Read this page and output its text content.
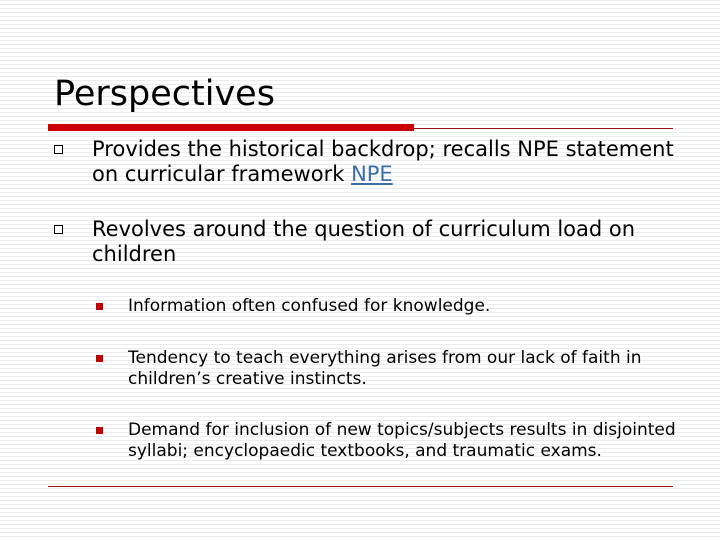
Perspectives
Provides the historical backdrop; recalls NPE statement on curricular framework NPE
Revolves around the question of curriculum load on children
Information often confused for knowledge.
Tendency to teach everything arises from our lack of faith in children’s creative instincts.
Demand for inclusion of new topics/subjects results in disjointed syllabi; encyclopaedic textbooks, and traumatic exams.
